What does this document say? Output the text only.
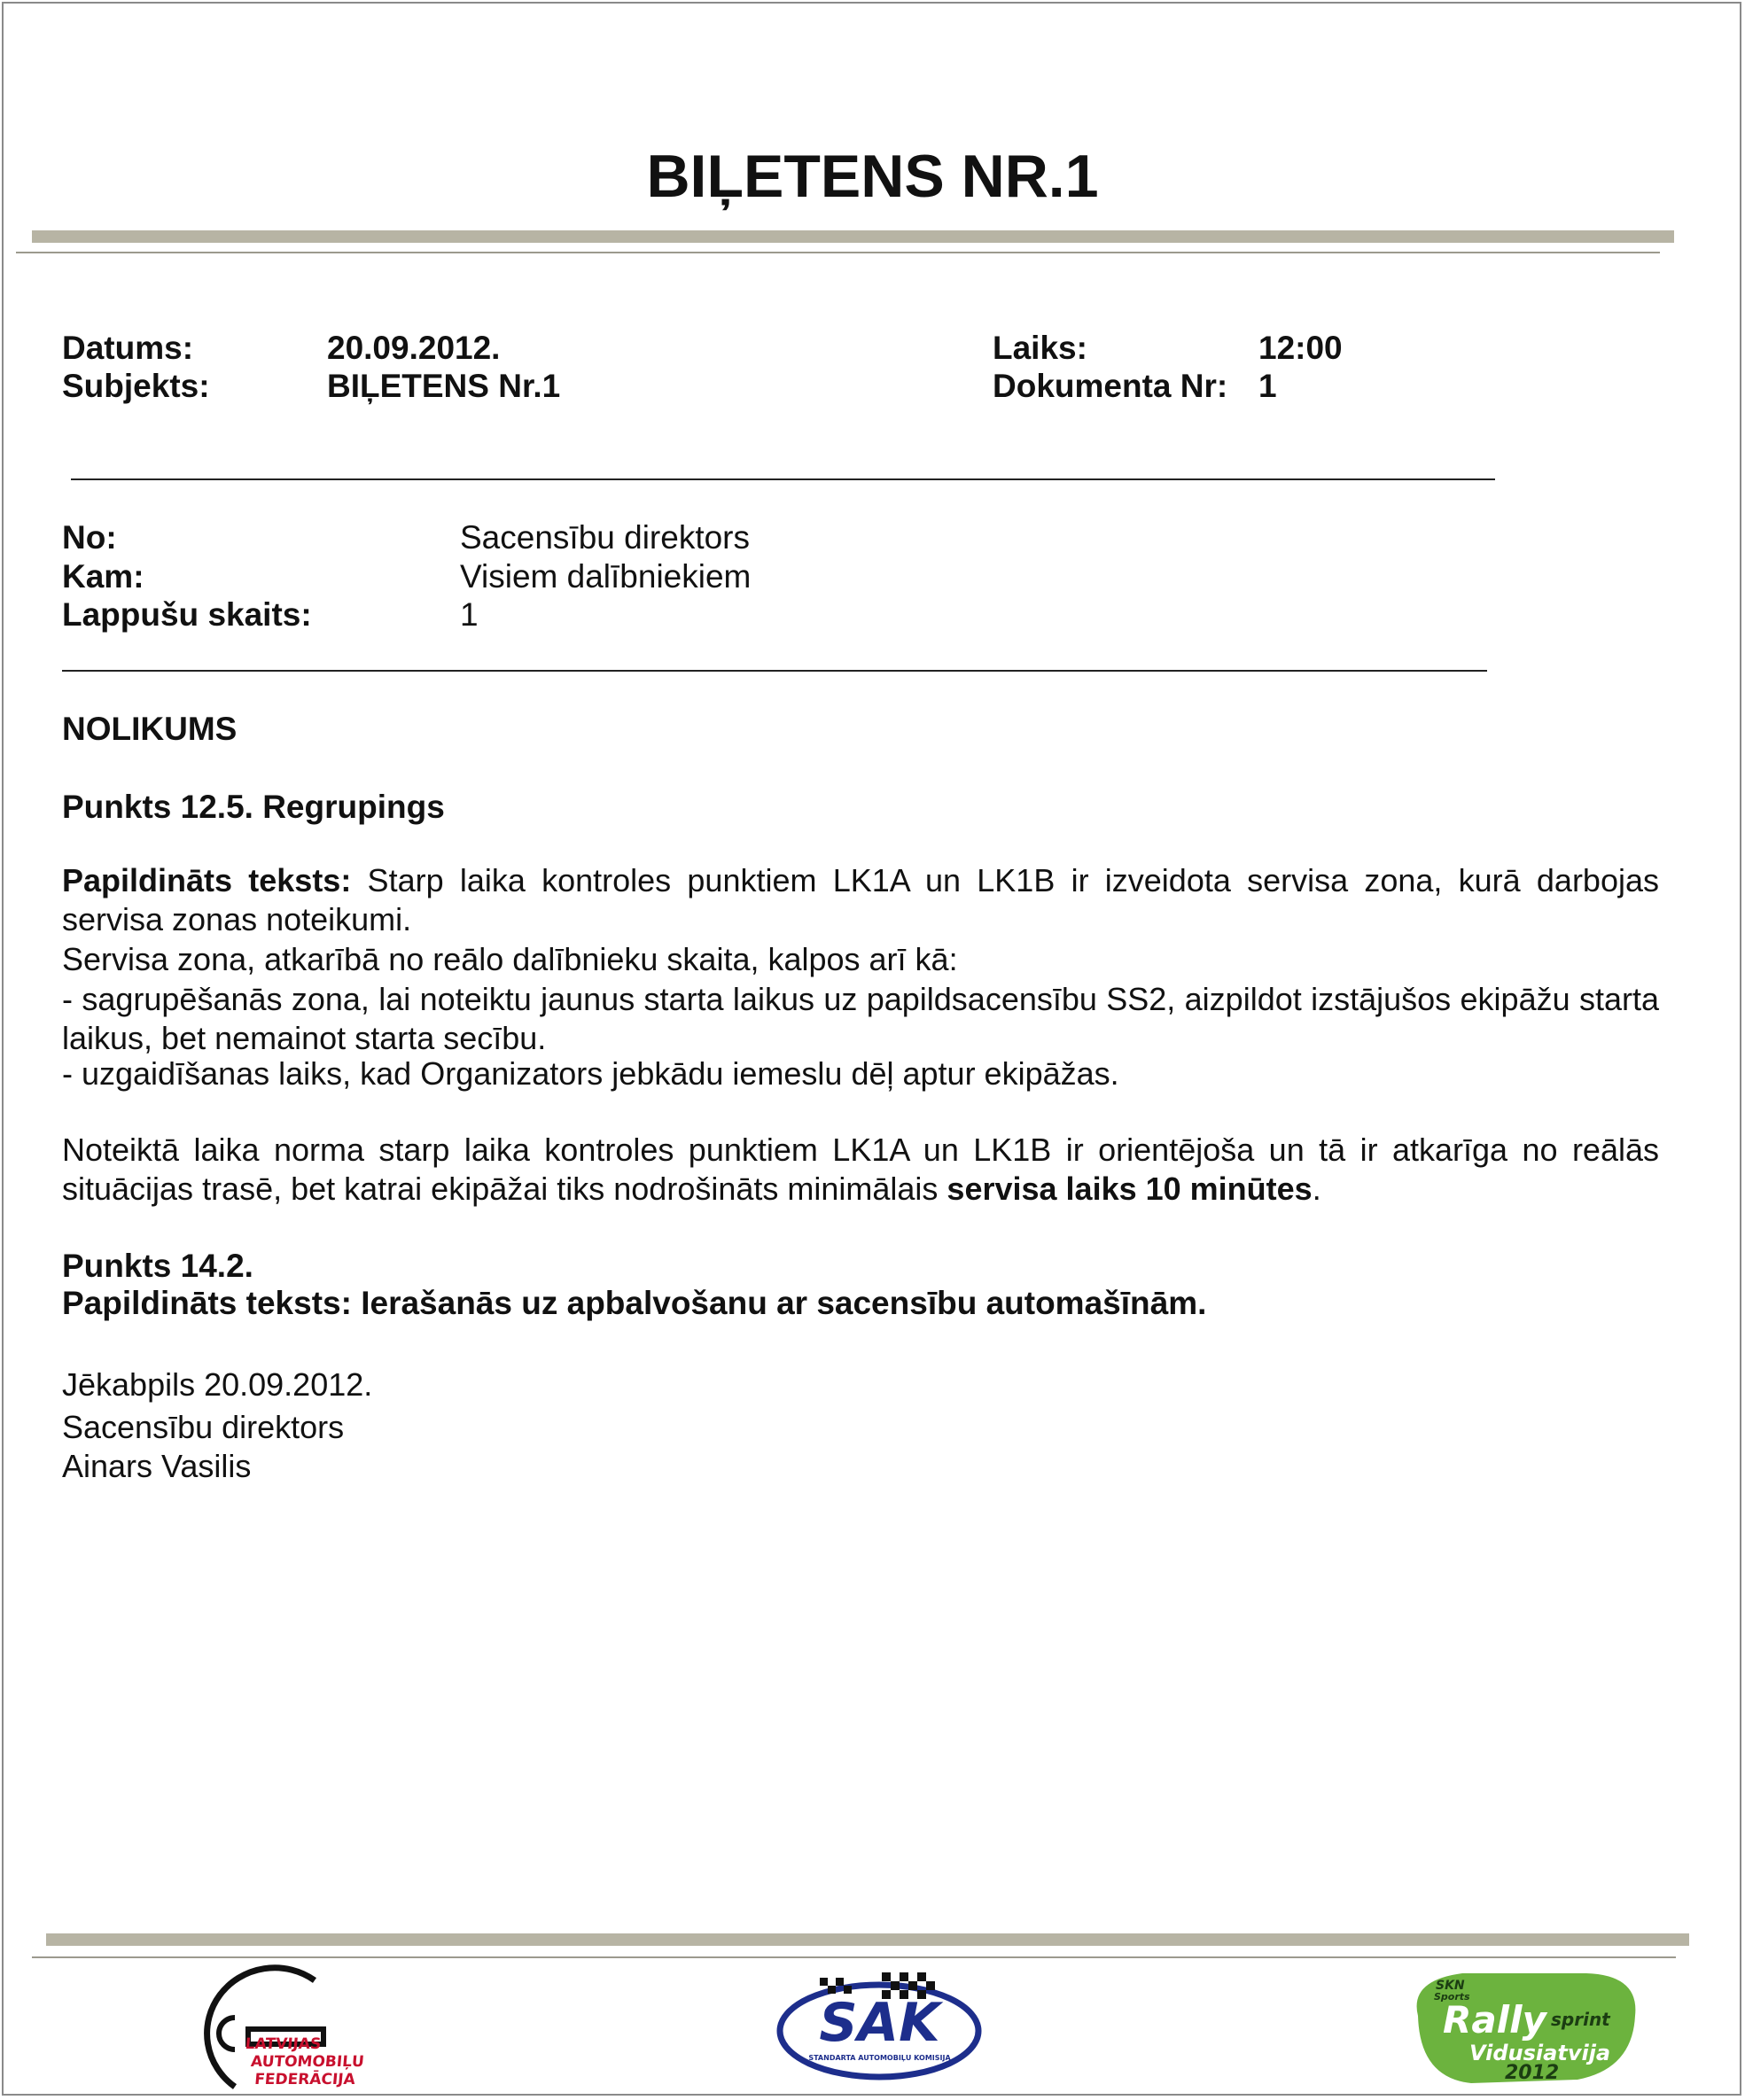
BIĻETENS NR.1
Datums:	20.09.2012.	Laiks:	12:00
Subjekts:	BIĻETENS Nr.1	Dokumenta Nr: 1
No:	Sacensību direktors
Kam:	Visiem dalībniekiem
Lappušu skaits:	1
NOLIKUMS
Punkts 12.5. Regrupings
Papildināts teksts: Starp laika kontroles punktiem LK1A un LK1B ir izveidota servisa zona, kurā darbojas servisa zonas noteikumi.
Servisa zona, atkarībā no reālo dalībnieku skaita, kalpos arī kā:
- sagrupēšanās zona, lai noteiktu jaunus starta laikus uz papildsacensību SS2, aizpildot izstājušos ekipāžu starta laikus, bet nemainot starta secību.
- uzgaidīšanas laiks, kad Organizators jebkādu iemeslu dēļ aptur ekipāžas.
Noteiktā laika norma starp laika kontroles punktiem LK1A un LK1B ir orientējoša un tā ir atkarīga no reālās situācijas trasē, bet katrai ekipāžai tiks nodrošināts minimālais servisa laiks 10 minūtes.
Punkts 14.2.
Papildināts teksts: Ierašanās uz apbalvošanu ar sacensību automašīnām.
Jēkabpils 20.09.2012.
Sacensību direktors
Ainars Vasilis
LATVIJAS
AUTOMOBIĻU
FEDERĀCIJA
SAK
STANDARTA AUTOMOBIĻU KOMISIJA
SKN
Sports
Rally sprint
Vidusiatvija
2012
